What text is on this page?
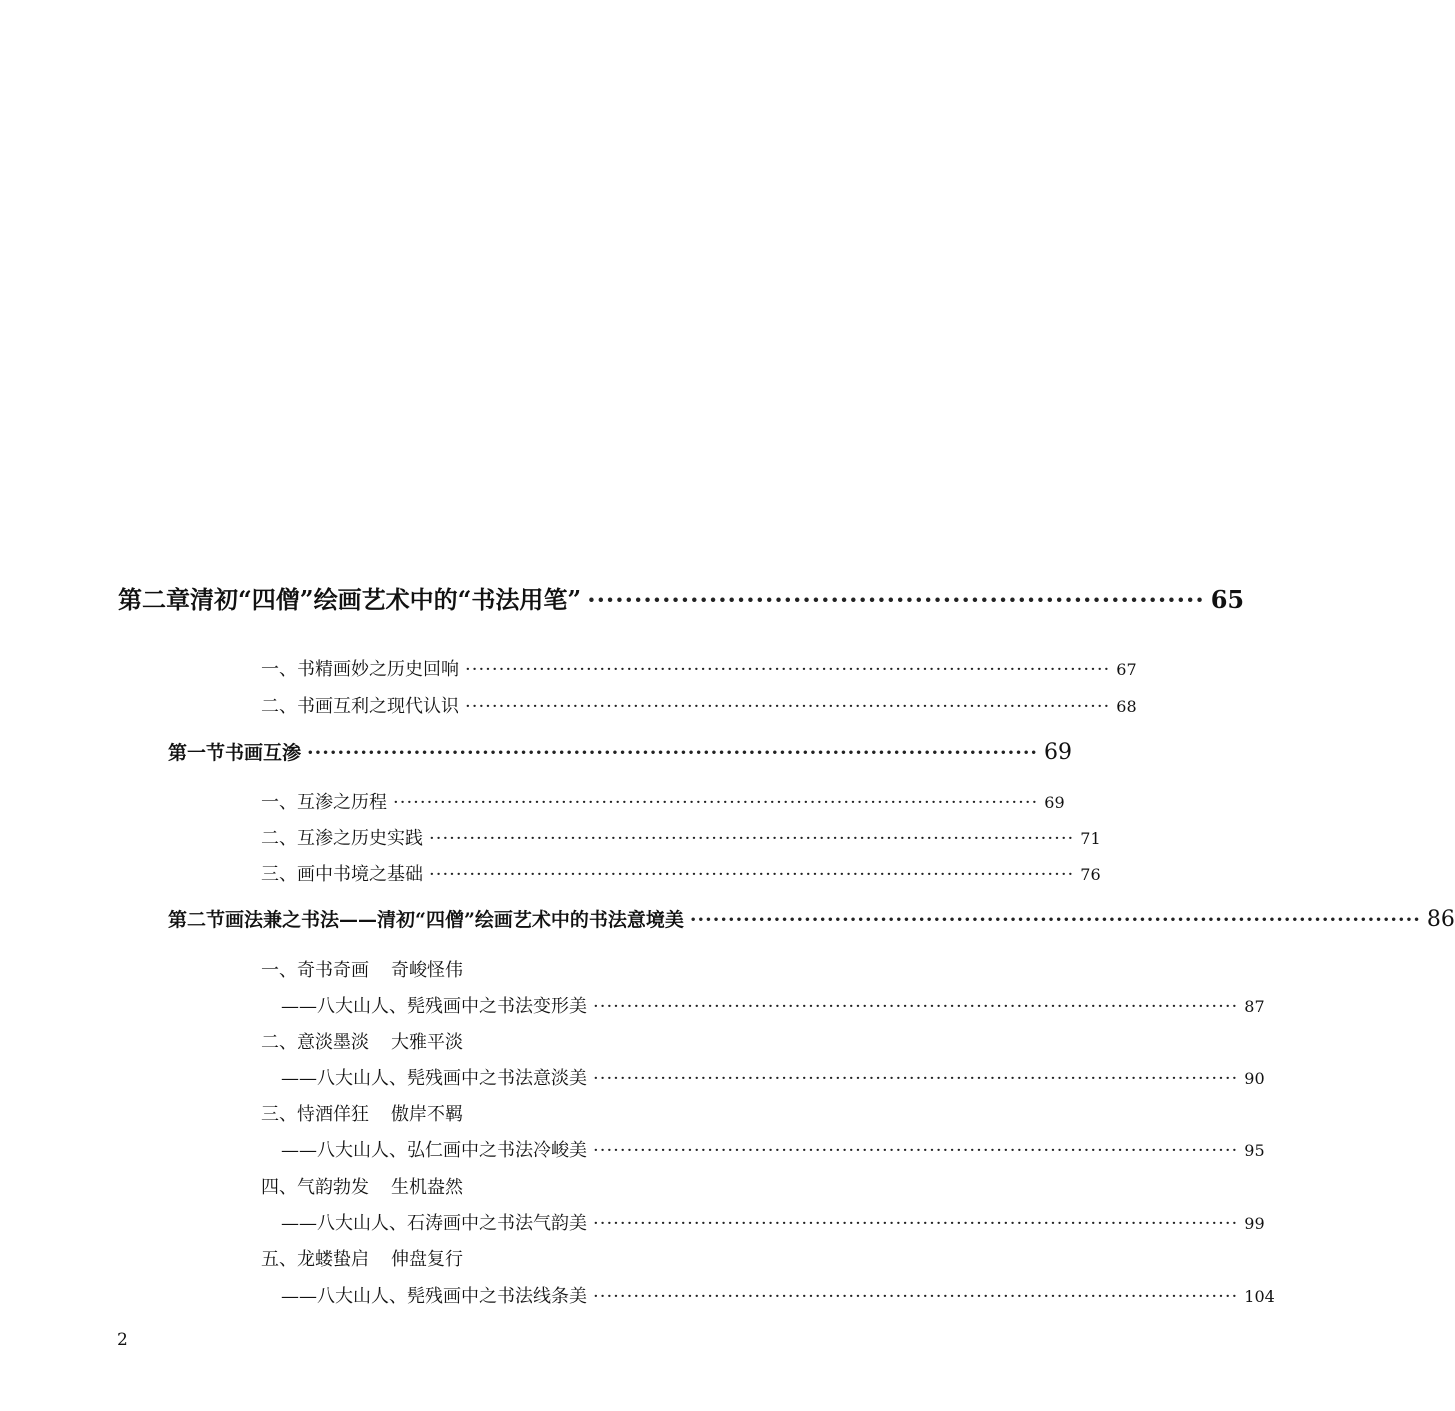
第二章 清初“四僧”绘画艺术中的“书法用笔” ·································································· 65
一、书精画妙之历史回响 ································································································ 67
二、书画互利之现代认识 ································································································ 68
第一节 书画互渗 ································································································ 69
一、互渗之历程 ································································································ 69
二、互渗之历史实践 ································································································ 71
三、画中书境之基础 ································································································ 76
第二节 画法兼之书法——清初“四僧”绘画艺术中的书法意境美 ································································································ 86
一、奇书奇画 奇峻怪伟
——八大山人、髡残画中之书法变形美 ································································································ 87
二、意淡墨淡 大雅平淡
——八大山人、髡残画中之书法意淡美 ································································································ 90
三、恃酒佯狂 傲岸不羁
——八大山人、弘仁画中之书法冷峻美 ································································································ 95
四、气韵勃发 生机盎然
——八大山人、石涛画中之书法气韵美 ································································································ 99
五、龙蝼蛰启 伸盘复行
——八大山人、髡残画中之书法线条美 ································································································ 104
2
